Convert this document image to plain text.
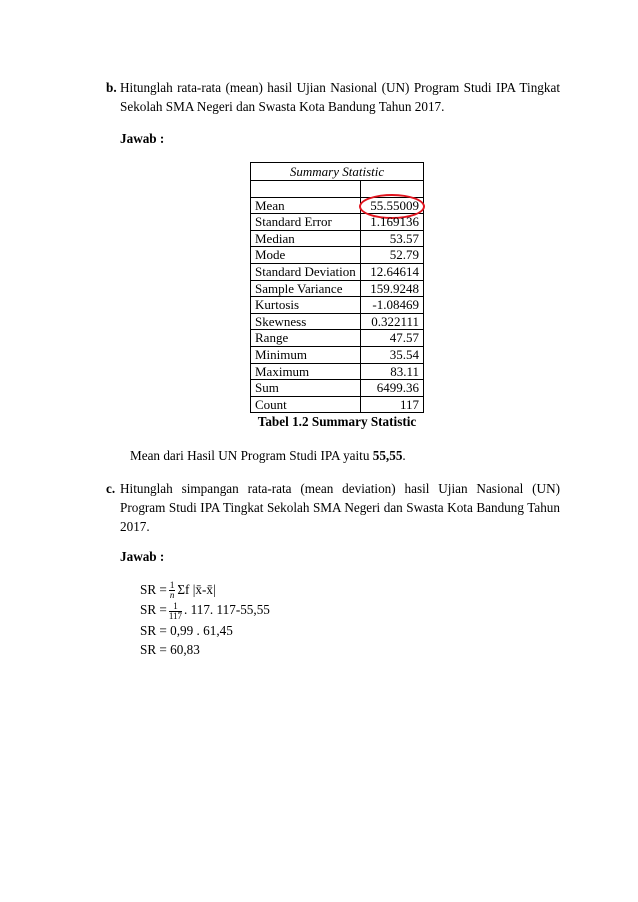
b. Hitunglah rata-rata (mean) hasil Ujian Nasional (UN) Program Studi IPA Tingkat Sekolah SMA Negeri dan Swasta Kota Bandung Tahun 2017.
Jawab :
Summary Statistic	

Mean	55.55009

Standard Error	1.169136
Median	53.57
Mode	52.79
Standard Deviation	12.64614
Sample Variance	159.9248
Kurtosis	-1.08469
Skewness	0.322111
Range	47.57
Minimum	35.54
Maximum	83.11
Sum	6499.36
Count	117
Tabel 1.2 Summary Statistic
Mean dari Hasil UN Program Studi IPA yaitu 55,55.
c. Hitunglah simpangan rata-rata (mean deviation) hasil Ujian Nasional (UN) Program Studi IPA Tingkat Sekolah SMA Negeri dan Swasta Kota Bandung Tahun 2017.
Jawab :
SR = $\frac{1}{n}$ Σf |x̄-x̄|
SR = $\frac{1}{117}$ . 117. 117-55,55
SR = 0,99 . 61,45
SR = 60,83
